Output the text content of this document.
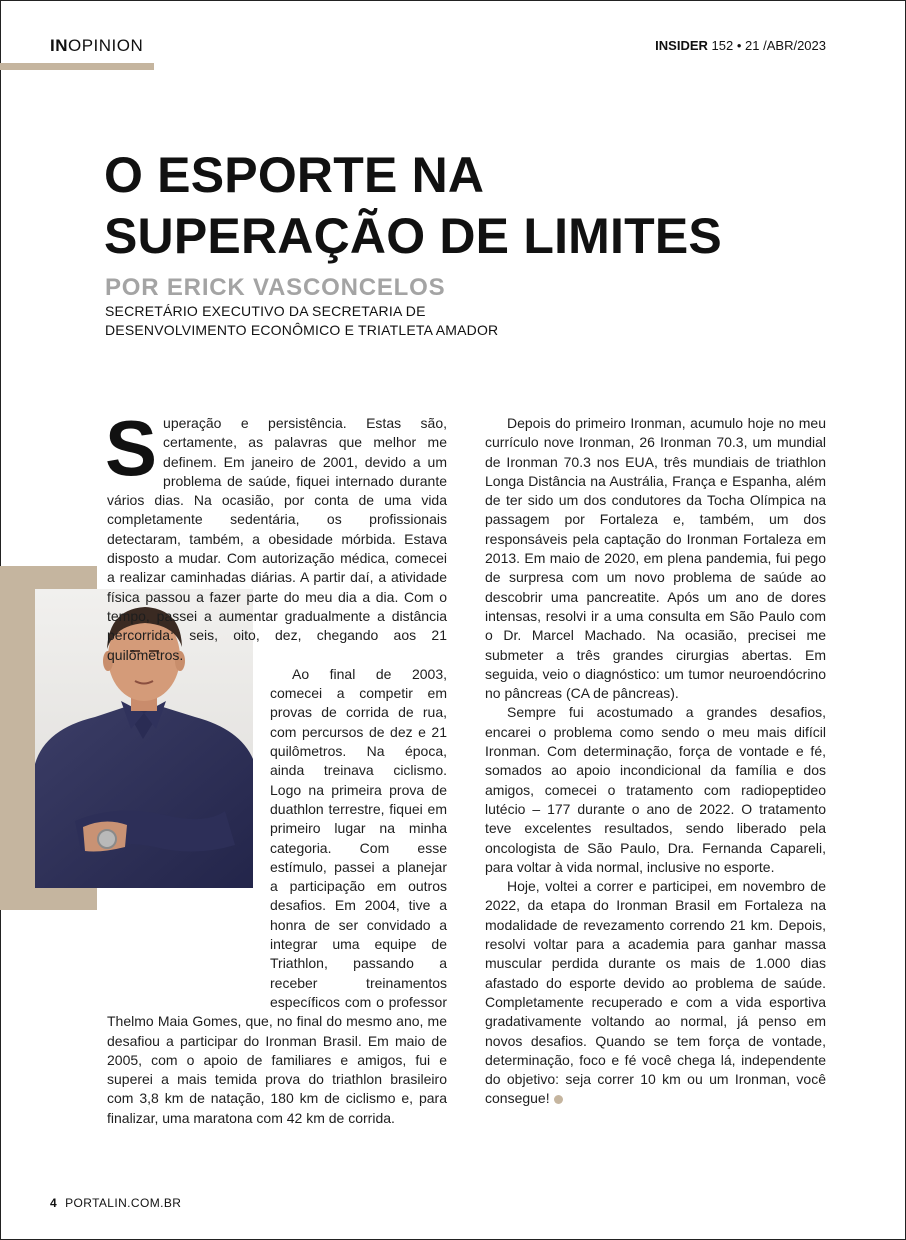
INOPINION	INSIDER 152 • 21 /ABR/2023
O ESPORTE NA
SUPERAÇÃO DE LIMITES
POR ERICK VASCONCELOS
SECRETÁRIO EXECUTIVO DA SECRETARIA DE
DESENVOLVIMENTO ECONÔMICO E TRIATLETA AMADOR

Superação e persistência. Estas são, certamente, as palavras que melhor me definem. Em janeiro de 2001, devido a um problema de saúde, fiquei internado durante vários dias. Na ocasião, por conta de uma vida completamente sedentária, os profissionais detectaram, também, a obesidade mórbida. Estava disposto a mudar. Com autorização médica, comecei a realizar caminhadas diárias. A partir daí, a atividade física passou a fazer parte do meu dia a dia. Com o tempo, passei a aumentar gradualmente a distância percorrida: seis, oito, dez, chegando aos 21 quilômetros.

Ao final de 2003, comecei a competir em provas de corrida de rua, com percursos de dez e 21 quilômetros. Na época, ainda treinava ciclismo. Logo na primeira prova de duathlon terrestre, fiquei em primeiro lugar na minha categoria. Com esse estímulo, passei a planejar a participação em outros desafios. Em 2004, tive a honra de ser convidado a integrar uma equipe de Triathlon, passando a receber treinamentos específicos com o professor Thelmo Maia Gomes, que, no final do mesmo ano, me desafiou a participar do Ironman Brasil. Em maio de 2005, com o apoio de familiares e amigos, fui e superei a mais temida prova do triathlon brasileiro com 3,8 km de natação, 180 km de ciclismo e, para finalizar, uma maratona com 42 km de corrida.

Depois do primeiro Ironman, acumulo hoje no meu currículo nove Ironman, 26 Ironman 70.3, um mundial de Ironman 70.3 nos EUA, três mundiais de triathlon Longa Distância na Austrália, França e Espanha, além de ter sido um dos condutores da Tocha Olímpica na passagem por Fortaleza e, também, um dos responsáveis pela captação do Ironman Fortaleza em 2013. Em maio de 2020, em plena pandemia, fui pego de surpresa com um novo problema de saúde ao descobrir uma pancreatite. Após um ano de dores intensas, resolvi ir a uma consulta em São Paulo com o Dr. Marcel Machado. Na ocasião, precisei me submeter a três grandes cirurgias abertas. Em seguida, veio o diagnóstico: um tumor neuroendócrino no pâncreas (CA de pâncreas).

Sempre fui acostumado a grandes desafios, encarei o problema como sendo o meu mais difícil Ironman. Com determinação, força de vontade e fé, somados ao apoio incondicional da família e dos amigos, comecei o tratamento com radiopeptideo lutécio – 177 durante o ano de 2022. O tratamento teve excelentes resultados, sendo liberado pela oncologista de São Paulo, Dra. Fernanda Capareli, para voltar à vida normal, inclusive no esporte.

Hoje, voltei a correr e participei, em novembro de 2022, da etapa do Ironman Brasil em Fortaleza na modalidade de revezamento correndo 21 km. Depois, resolvi voltar para a academia para ganhar massa muscular perdida durante os mais de 1.000 dias afastado do esporte devido ao problema de saúde. Completamente recuperado e com a vida esportiva gradativamente voltando ao normal, já penso em novos desafios. Quando se tem força de vontade, determinação, foco e fé você chega lá, independente do objetivo: seja correr 10 km ou um Ironman, você consegue!

4 PORTALIN.COM.BR
